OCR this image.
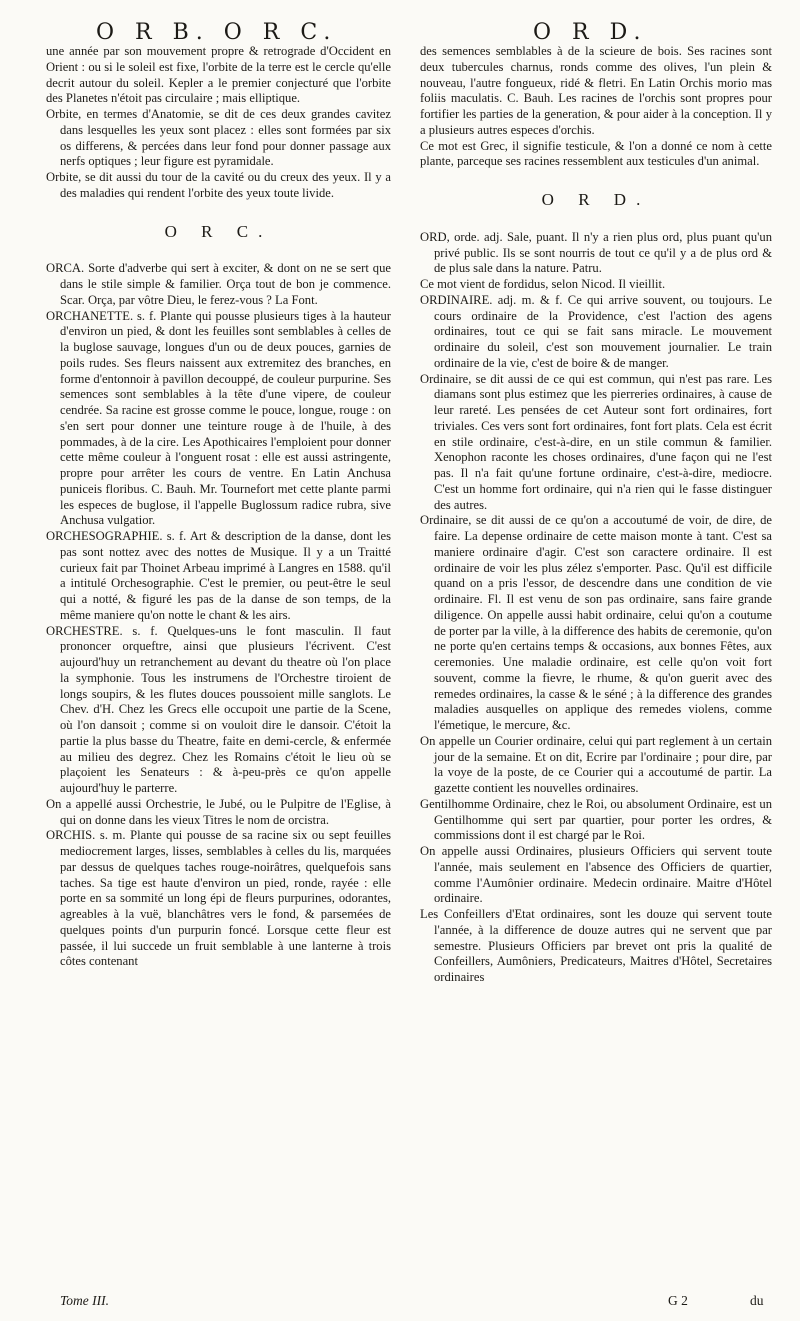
O R B. O R C.	O R D.

une année par son mouvement propre & retrograde d'Occident en Orient : ou si le soleil est fixe, l'orbite de la terre est le cercle qu'elle decrit autour du soleil. Kepler a le premier conjecturé que l'orbite des Planetes n'étoit pas circulaire ; mais elliptique.

Orbite, en termes d'Anatomie, se dit de ces deux grandes cavitez dans lesquelles les yeux sont placez : elles sont formées par six os differens, & percées dans leur fond pour donner passage aux nerfs optiques ; leur figure est pyramidale.

Orbite, se dit aussi du tour de la cavité ou du creux des yeux. Il y a des maladies qui rendent l'orbite des yeux toute livide.

O R C.

ORCA. Sorte d'adverbe qui sert à exciter, & dont on ne se sert que dans le stile simple & familier. Orça tout de bon je commence. Scar. Orça, par vôtre Dieu, le ferez-vous ? La Font.

ORCHANETTE. s. f. Plante qui pousse plusieurs tiges à la hauteur d'environ un pied, & dont les feuilles sont semblables à celles de la buglose sauvage, longues d'un ou de deux pouces, garnies de poils rudes. Ses fleurs naissent aux extremitez des branches, en forme d'entonnoir à pavillon decouppé, de couleur purpurine. Ses semences sont semblables à la tête d'une vipere, de couleur cendrée. Sa racine est grosse comme le pouce, longue, rouge : on s'en sert pour donner une teinture rouge à de l'huile, à des pommades, à de la cire. Les Apothicaires l'emploient pour donner cette même couleur à l'onguent rosat : elle est aussi astringente, propre pour arrêter les cours de ventre. En Latin Anchusa puniceis floribus. C. Bauh. Mr. Tournefort met cette plante parmi les especes de buglose, il l'appelle Buglossum radice rubra, sive Anchusa vulgatior.

ORCHESOGRAPHIE. s. f. Art & description de la danse, dont les pas sont nottez avec des nottes de Musique. Il y a un Traitté curieux fait par Thoinet Arbeau imprimé à Langres en 1588. qu'il a intitulé Orchesographie. C'est le premier, ou peut-être le seul qui a notté, & figuré les pas de la danse de son temps, de la même maniere qu'on notte le chant & les airs.

ORCHESTRE. s. f. Quelques-uns le font masculin. Il faut prononcer orqueftre, ainsi que plusieurs l'écrivent. C'est aujourd'huy un retranchement au devant du theatre où l'on place la symphonie. Tous les instrumens de l'Orchestre tiroient de longs soupirs, & les flutes douces poussoient mille sanglots. Le Chev. d'H. Chez les Grecs elle occupoit une partie de la Scene, où l'on dansoit ; comme si on vouloit dire le dansoir. C'étoit la partie la plus basse du Theatre, faite en demi-cercle, & enfermée au milieu des degrez. Chez les Romains c'étoit le lieu où se plaçoient les Senateurs : & à-peu-près ce qu'on appelle aujourd'huy le parterre.

On a appellé aussi Orchestrie, le Jubé, ou le Pulpitre de l'Eglise, à qui on donne dans les vieux Titres le nom de orcistra.

ORCHIS. s. m. Plante qui pousse de sa racine six ou sept feuilles mediocrement larges, lisses, semblables à celles du lis, marquées par dessus de quelques taches rouge-noirâtres, quelquefois sans taches. Sa tige est haute d'environ un pied, ronde, rayée : elle porte en sa sommité un long épi de fleurs purpurines, odorantes, agreables à la vuë, blanchâtres vers le fond, & parsemées de quelques points d'un purpurin foncé. Lorsque cette fleur est passée, il lui succede un fruit semblable à une lanterne à trois côtes contenant

des semences semblables à de la scieure de bois. Ses racines sont deux tubercules charnus, ronds comme des olives, l'un plein & nouveau, l'autre fongueux, ridé & fletri. En Latin Orchis morio mas foliis maculatis. C. Bauh. Les racines de l'orchis sont propres pour fortifier les parties de la generation, & pour aider à la conception. Il y a plusieurs autres especes d'orchis.

Ce mot est Grec, il signifie testicule, & l'on a donné ce nom à cette plante, parceque ses racines ressemblent aux testicules d'un animal.

O R D.

ORD, orde. adj. Sale, puant. Il n'y a rien plus ord, plus puant qu'un privé public. Ils se sont nourris de tout ce qu'il y a de plus ord & de plus sale dans la nature. Patru.

Ce mot vient de fordidus, selon Nicod. Il vieillit.

ORDINAIRE. adj. m. & f. Ce qui arrive souvent, ou toujours. Le cours ordinaire de la Providence, c'est l'action des agens ordinaires, tout ce qui se fait sans miracle. Le mouvement ordinaire du soleil, c'est son mouvement journalier. Le train ordinaire de la vie, c'est de boire & de manger.

Ordinaire, se dit aussi de ce qui est commun, qui n'est pas rare. Les diamans sont plus estimez que les pierreries ordinaires, à cause de leur rareté. Les pensées de cet Auteur sont fort ordinaires, fort triviales. Ces vers sont fort ordinaires, font fort plats. Cela est écrit en stile ordinaire, c'est-à-dire, en un stile commun & familier. Xenophon raconte les choses ordinaires, d'une façon qui ne l'est pas. Il n'a fait qu'une fortune ordinaire, c'est-à-dire, mediocre. C'est un homme fort ordinaire, qui n'a rien qui le fasse distinguer des autres.

Ordinaire, se dit aussi de ce qu'on a accoutumé de voir, de dire, de faire. La depense ordinaire de cette maison monte à tant. C'est sa maniere ordinaire d'agir. C'est son caractere ordinaire. Il est ordinaire de voir les plus zélez s'emporter. Pasc. Qu'il est difficile quand on a pris l'essor, de descendre dans une condition de vie ordinaire. Fl. Il est venu de son pas ordinaire, sans faire grande diligence. On appelle aussi habit ordinaire, celui qu'on a coutume de porter par la ville, à la difference des habits de ceremonie, qu'on ne porte qu'en certains temps & occasions, aux bonnes Fêtes, aux ceremonies. Une maladie ordinaire, est celle qu'on voit fort souvent, comme la fievre, le rhume, & qu'on guerit avec des remedes ordinaires, la casse & le séné ; à la difference des grandes maladies ausquelles on applique des remedes violens, comme l'émetique, le mercure, &c.

On appelle un Courier ordinaire, celui qui part reglement à un certain jour de la semaine. Et on dit, Ecrire par l'ordinaire ; pour dire, par la voye de la poste, de ce Courier qui a accoutumé de partir. La gazette contient les nouvelles ordinaires.

Gentilhomme Ordinaire, chez le Roi, ou absolument Ordinaire, est un Gentilhomme qui sert par quartier, pour porter les ordres, & commissions dont il est chargé par le Roi.

On appelle aussi Ordinaires, plusieurs Officiers qui servent toute l'année, mais seulement en l'absence des Officiers de quartier, comme l'Aumônier ordinaire. Medecin ordinaire. Maitre d'Hôtel ordinaire.

Les Confeillers d'Etat ordinaires, sont les douze qui servent toute l'année, à la difference de douze autres qui ne servent que par semestre. Plusieurs Officiers par brevet ont pris la qualité de Confeillers, Aumôniers, Predicateurs, Maitres d'Hôtel, Secretaires ordinaires

Tome III.	G 2	du
